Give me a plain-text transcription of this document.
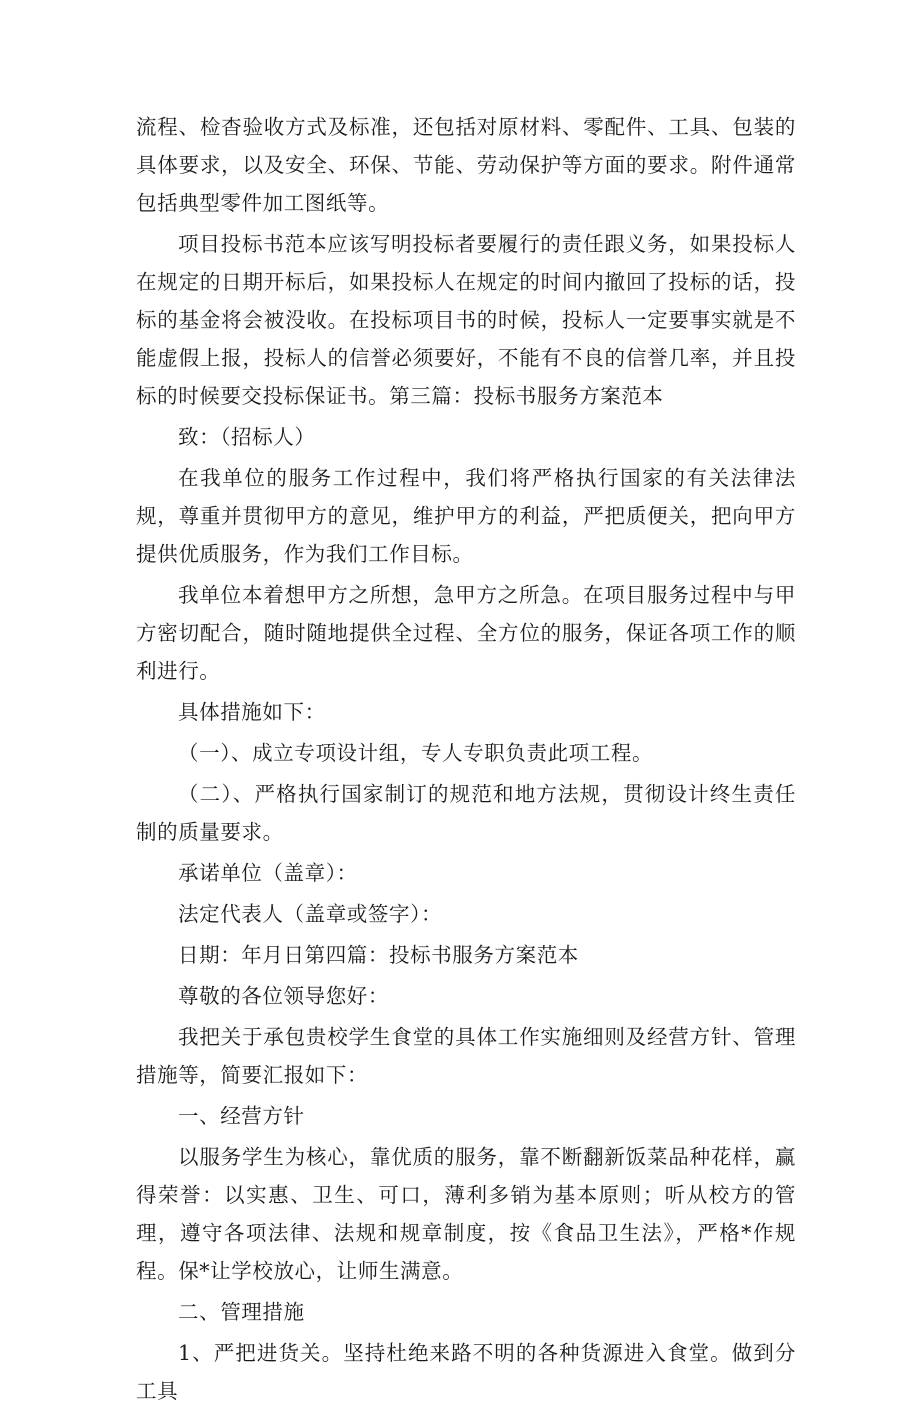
流程、检杳验收方式及标准，还包括对原材料、零配件、工具、包装的具体要求，以及安全、环保、节能、劳动保护等方面的要求。附件通常包括典型零件加工图纸等。

项目投标书范本应该写明投标者要履行的责任跟义务，如果投标人在规定的日期开标后，如果投标人在规定的时间内撤回了投标的话，投标的基金将会被没收。在投标项目书的时候，投标人一定要事实就是不能虚假上报，投标人的信誉必须要好，不能有不良的信誉几率，并且投标的时候要交投标保证书。第三篇：投标书服务方案范本

致：（招标人）

在我单位的服务工作过程中，我们将严格执行国家的有关法律法规，尊重并贯彻甲方的意见，维护甲方的利益，严把质便关，把向甲方提供优质服务，作为我们工作目标。

我单位本着想甲方之所想，急甲方之所急。在项目服务过程中与甲方密切配合，随时随地提供全过程、全方位的服务，保证各项工作的顺利进行。

具体措施如下：

（一）、成立专项设计组，专人专职负责此项工程。

（二）、严格执行国家制订的规范和地方法规，贯彻设计终生责任制的质量要求。

承诺单位（盖章）：

法定代表人（盖章或签字）：

日期：年月日第四篇：投标书服务方案范本

尊敬的各位领导您好：

我把关于承包贵校学生食堂的具体工作实施细则及经营方针、管理措施等，简要汇报如下：

一、经营方针

以服务学生为核心，靠优质的服务，靠不断翻新饭菜品种花样，赢得荣誉：以实惠、卫生、可口，薄利多销为基本原则；听从校方的管理，遵守各项法律、法规和规章制度，按《食品卫生法》，严格*作规程。保*让学校放心，让师生满意。

二、管理措施

1、严把进货关。坚持杜绝来路不明的各种货源进入食堂。做到分工具
